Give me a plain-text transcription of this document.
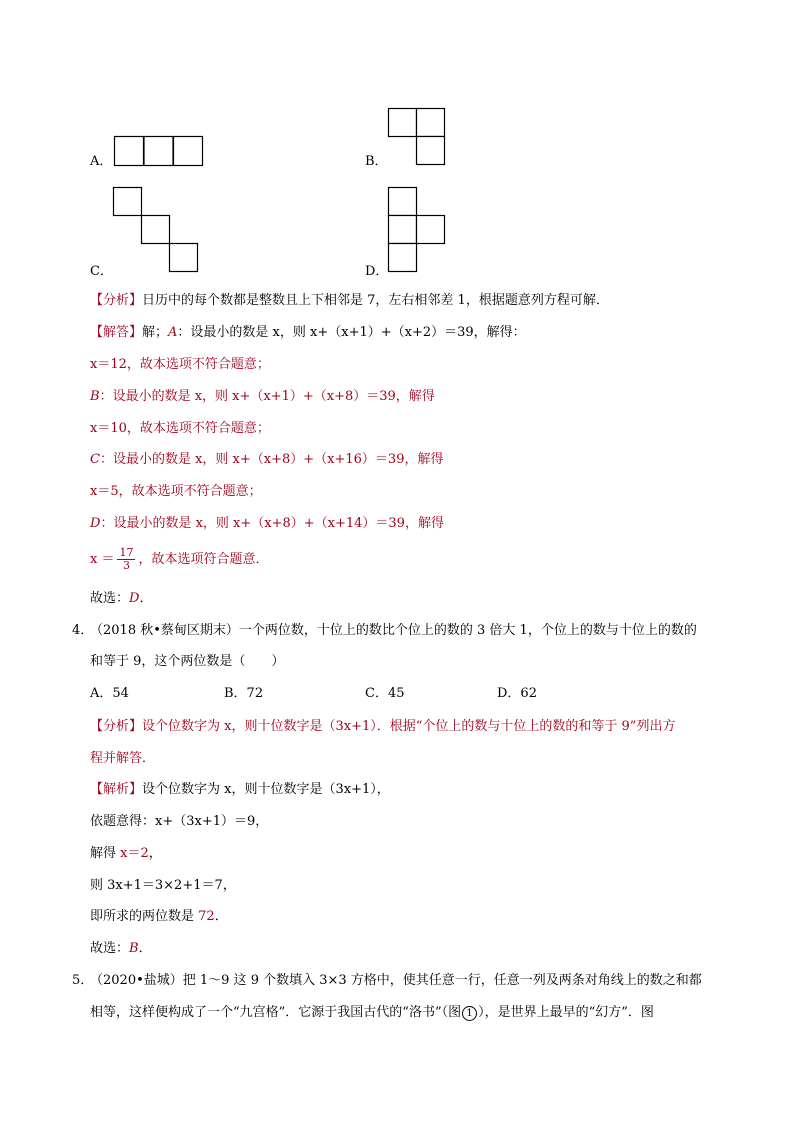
A．	B．
C．	D．
【分析】日历中的每个数都是整数且上下相邻是 7，左右相邻差 1，根据题意列方程可解．
【解答】解；A：设最小的数是 x，则 x+（x+1）+（x+2）＝39，解得：
x＝12，故本选项不符合题意；
B：设最小的数是 x，则 x+（x+1）+（x+8）＝39，解得
x＝10，故本选项不符合题意；
C：设最小的数是 x，则 x+（x+8）+（x+16）＝39，解得
x＝5，故本选项不符合题意；
D：设最小的数是 x，则 x+（x+8）+（x+14）＝39，解得
$x = \frac{17}{3}$ ，故本选项符合题意．
故选：D．
4．
（2018 秋•蔡甸区期末）一个两位数，十位上的数比个位上的数的 3 倍大 1，个位上的数与十位上的数的
和等于 9，这个两位数是（　　）
A．54	B．72	C．45	D．62
【分析】设个位数字为 x，则十位数字是（3x+1）．根据“个位上的数与十位上的数的和等于 9”列出方
程并解答．
【解析】设个位数字为 x，则十位数字是（3x+1），
依题意得：x+（3x+1）＝9，
解得 x＝2，
则 3x+1＝3×2+1＝7，
即所求的两位数是 72．
故选：B．
5．
（2020•盐城）把 1～9 这 9 个数填入 3×3 方格中，使其任意一行，任意一列及两条对角线上的数之和都
相等，这样便构成了一个“九宫格”．它源于我国古代的“洛书”（图 1 ），是世界上最早的“幻方”．图
